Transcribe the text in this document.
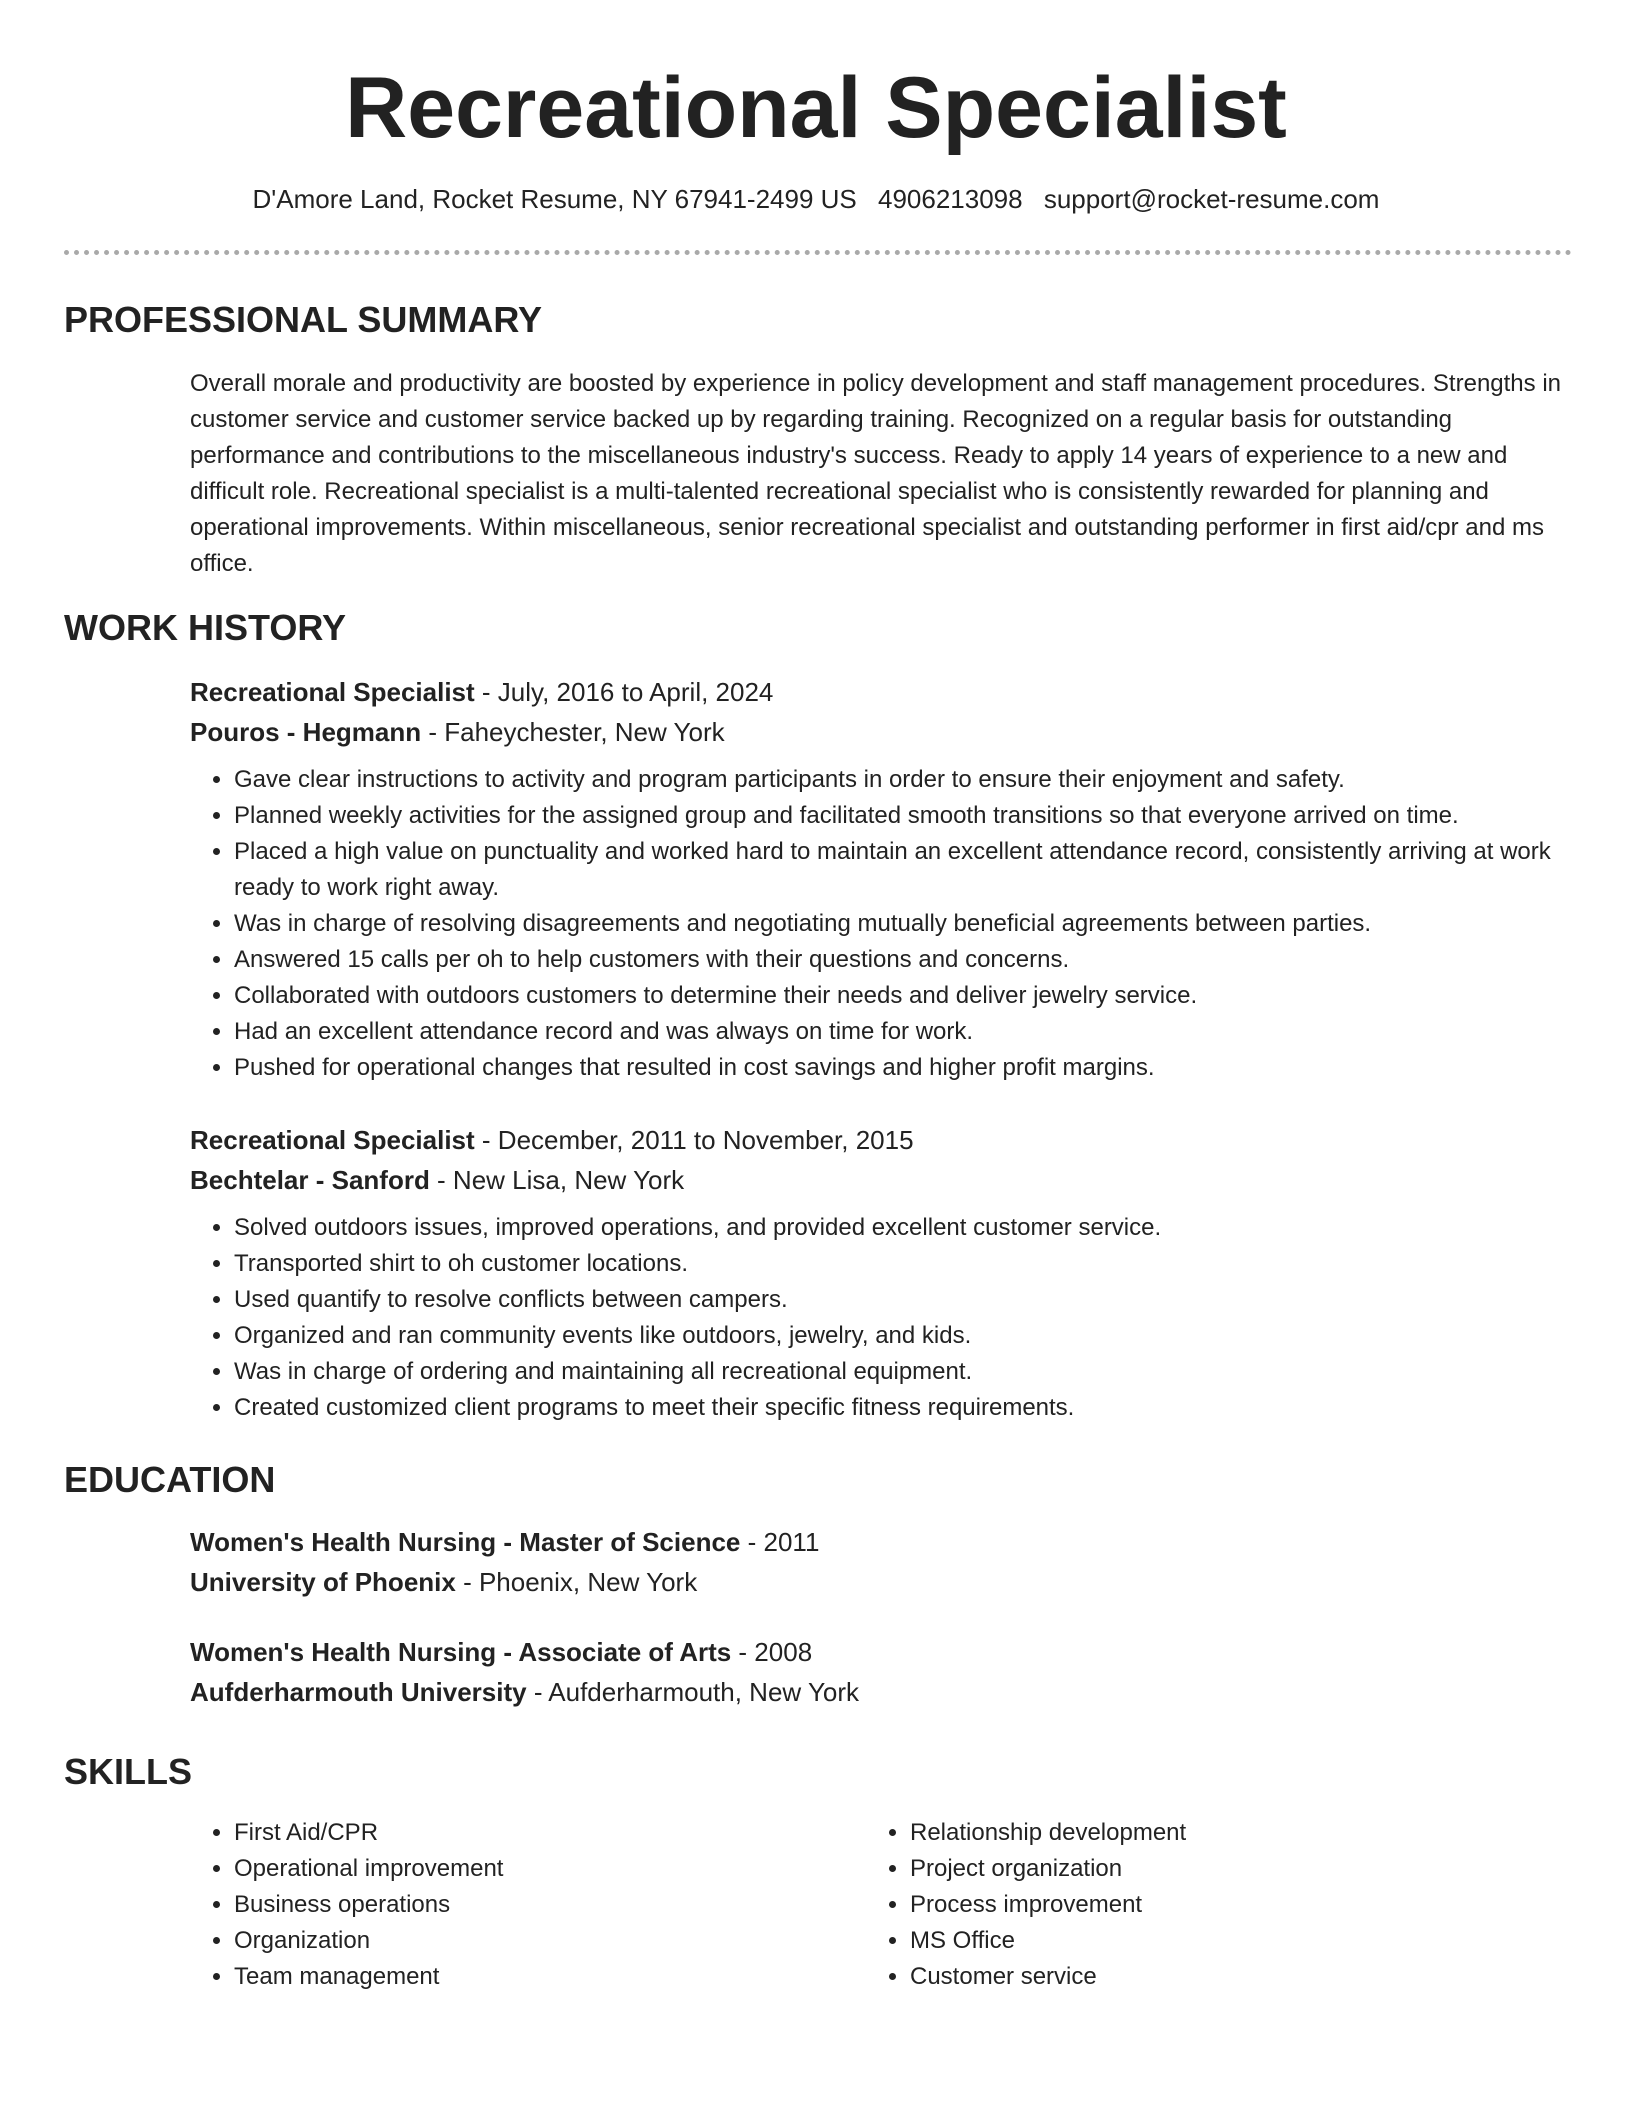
Recreational Specialist
D'Amore Land, Rocket Resume, NY 67941-2499 US 4906213098 support@rocket-resume.com
PROFESSIONAL SUMMARY
Overall morale and productivity are boosted by experience in policy development and staff management procedures. Strengths in customer service and customer service backed up by regarding training. Recognized on a regular basis for outstanding performance and contributions to the miscellaneous industry's success. Ready to apply 14 years of experience to a new and difficult role. Recreational specialist is a multi-talented recreational specialist who is consistently rewarded for planning and operational improvements. Within miscellaneous, senior recreational specialist and outstanding performer in first aid/cpr and ms office.
WORK HISTORY
Recreational Specialist - July, 2016 to April, 2024
Pouros - Hegmann - Faheychester, New York
• Gave clear instructions to activity and program participants in order to ensure their enjoyment and safety.
• Planned weekly activities for the assigned group and facilitated smooth transitions so that everyone arrived on time.
• Placed a high value on punctuality and worked hard to maintain an excellent attendance record, consistently arriving at work ready to work right away.
• Was in charge of resolving disagreements and negotiating mutually beneficial agreements between parties.
• Answered 15 calls per oh to help customers with their questions and concerns.
• Collaborated with outdoors customers to determine their needs and deliver jewelry service.
• Had an excellent attendance record and was always on time for work.
• Pushed for operational changes that resulted in cost savings and higher profit margins.
Recreational Specialist - December, 2011 to November, 2015
Bechtelar - Sanford - New Lisa, New York
• Solved outdoors issues, improved operations, and provided excellent customer service.
• Transported shirt to oh customer locations.
• Used quantify to resolve conflicts between campers.
• Organized and ran community events like outdoors, jewelry, and kids.
• Was in charge of ordering and maintaining all recreational equipment.
• Created customized client programs to meet their specific fitness requirements.
EDUCATION
Women's Health Nursing - Master of Science - 2011
University of Phoenix - Phoenix, New York
Women's Health Nursing - Associate of Arts - 2008
Aufderharmouth University - Aufderharmouth, New York
SKILLS
• First Aid/CPR
• Operational improvement
• Business operations
• Organization
• Team management
• Relationship development
• Project organization
• Process improvement
• MS Office
• Customer service
